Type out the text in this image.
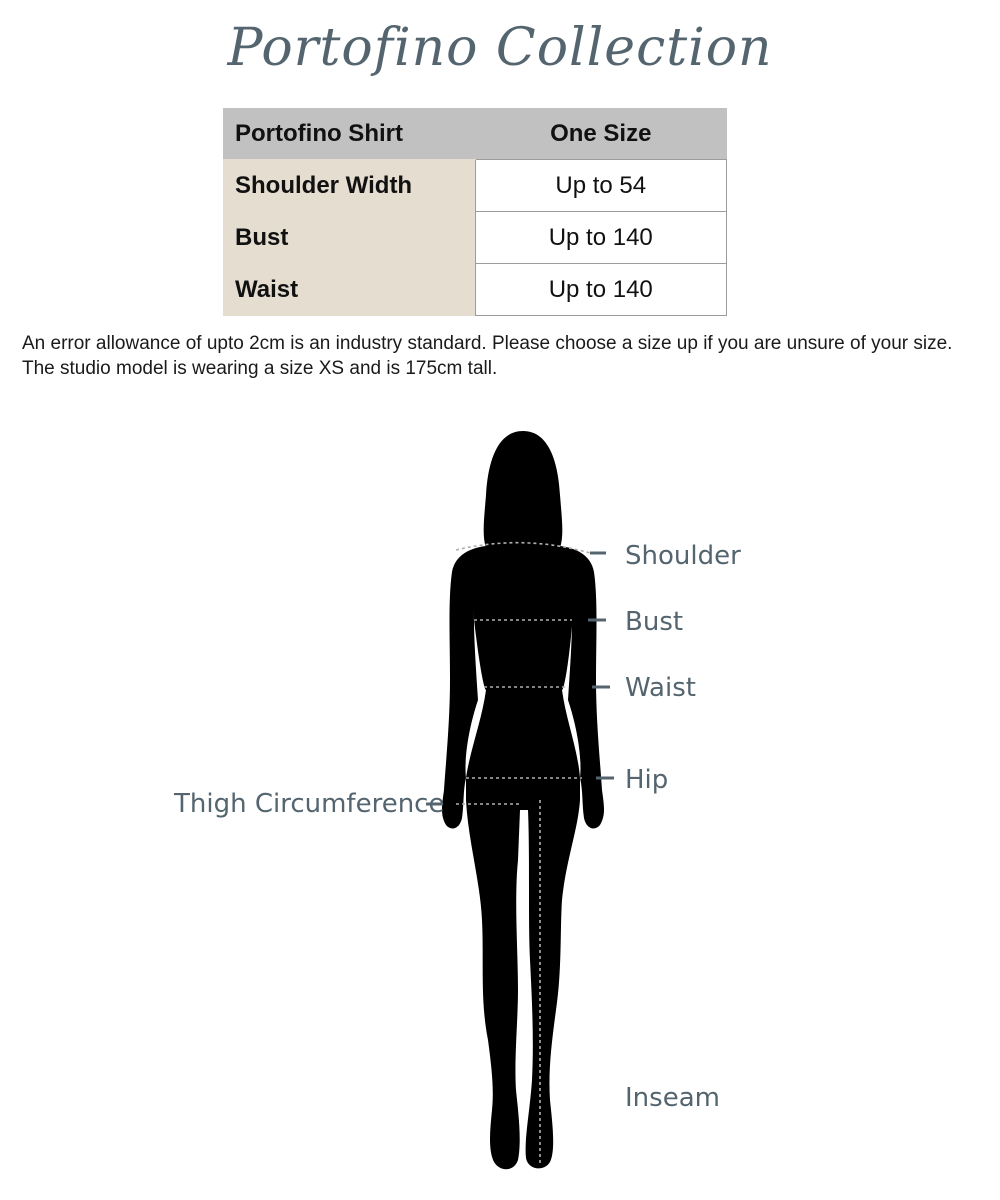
Portofino Collection
Portofino Shirt	One Size
Shoulder Width	Up to 54
Bust	Up to 140
Waist	Up to 140
An error allowance of upto 2cm is an industry standard. Please choose a size up if you are unsure of your size.
The studio model is wearing a size XS and is 175cm tall.
Shoulder
Bust
Waist
Hip
Thigh Circumference
Inseam
